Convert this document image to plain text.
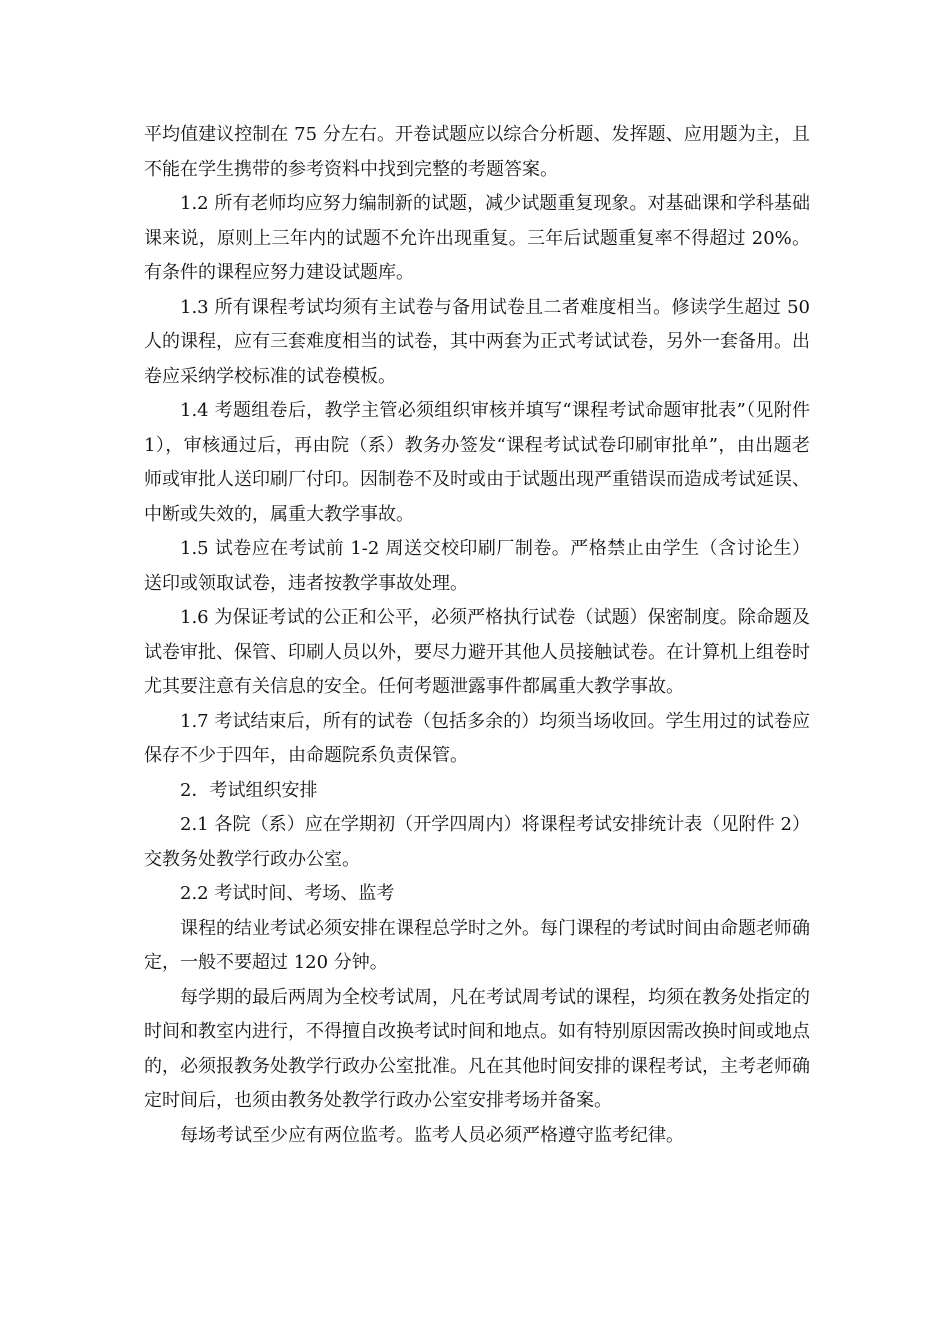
平均值建议控制在 75 分左右。开卷试题应以综合分析题、发挥题、应用题为主，且不能在学生携带的参考资料中找到完整的考题答案。

1.2 所有老师均应努力编制新的试题，减少试题重复现象。对基础课和学科基础课来说，原则上三年内的试题不允许出现重复。三年后试题重复率不得超过 20%。有条件的课程应努力建设试题库。

1.3 所有课程考试均须有主试卷与备用试卷且二者难度相当。修读学生超过 50 人的课程，应有三套难度相当的试卷，其中两套为正式考试试卷，另外一套备用。出卷应采纳学校标准的试卷模板。

1.4 考题组卷后，教学主管必须组织审核并填写“课程考试命题审批表”（见附件 1），审核通过后，再由院（系）教务办签发“课程考试试卷印刷审批单”，由出题老师或审批人送印刷厂付印。因制卷不及时或由于试题出现严重错误而造成考试延误、中断或失效的，属重大教学事故。

1.5 试卷应在考试前 1-2 周送交校印刷厂制卷。严格禁止由学生（含讨论生）送印或领取试卷，违者按教学事故处理。

1.6 为保证考试的公正和公平，必须严格执行试卷（试题）保密制度。除命题及试卷审批、保管、印刷人员以外，要尽力避开其他人员接触试卷。在计算机上组卷时尤其要注意有关信息的安全。任何考题泄露事件都属重大教学事故。

1.7 考试结束后，所有的试卷（包括多余的）均须当场收回。学生用过的试卷应保存不少于四年，由命题院系负责保管。

2．考试组织安排

2.1 各院（系）应在学期初（开学四周内）将课程考试安排统计表（见附件 2）交教务处教学行政办公室。

2.2 考试时间、考场、监考

课程的结业考试必须安排在课程总学时之外。每门课程的考试时间由命题老师确定，一般不要超过 120 分钟。

每学期的最后两周为全校考试周，凡在考试周考试的课程，均须在教务处指定的时间和教室内进行，不得擅自改换考试时间和地点。如有特别原因需改换时间或地点的，必须报教务处教学行政办公室批准。凡在其他时间安排的课程考试，主考老师确定时间后，也须由教务处教学行政办公室安排考场并备案。

每场考试至少应有两位监考。监考人员必须严格遵守监考纪律。
